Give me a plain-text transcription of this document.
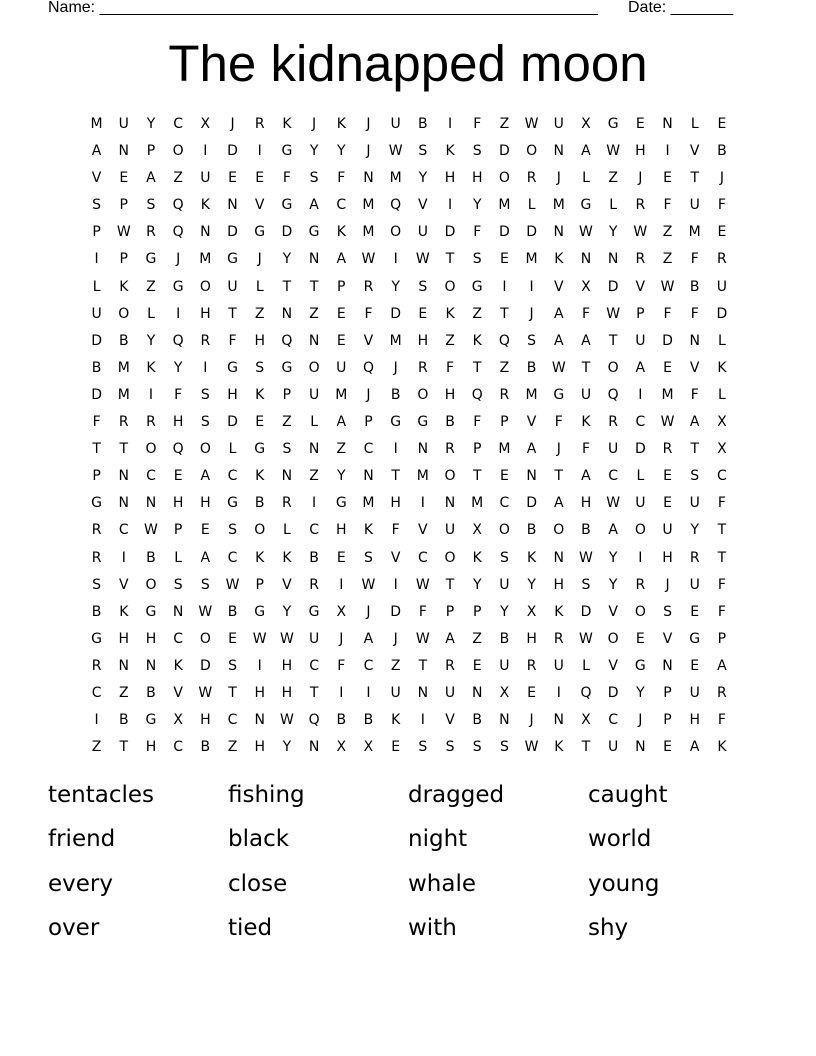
Name: ________________________________________________________ Date: _______
The kidnapped moon
M	U	Y	C	X	J	R	K	J	K	J	U	B	I	F	Z	W	U	X	G	E	N	L	E
A	N	P	O	I	D	I	G	Y	Y	J	W	S	K	S	D	O	N	A	W	H	I	V	B
V	E	A	Z	U	E	E	F	S	F	N	M	Y	H	H	O	R	J	L	Z	J	E	T	J
S	P	S	Q	K	N	V	G	A	C	M	Q	V	I	Y	M	L	M	G	L	R	F	U	F
P	W	R	Q	N	D	G	D	G	K	M	O	U	D	F	D	D	N	W	Y	W	Z	M	E
I	P	G	J	M	G	J	Y	N	A	W	I	W	T	S	E	M	K	N	N	R	Z	F	R
L	K	Z	G	O	U	L	T	T	P	R	Y	S	O	G	I	I	V	X	D	V	W	B	U
U	O	L	I	H	T	Z	N	Z	E	F	D	E	K	Z	T	J	A	F	W	P	F	F	D
D	B	Y	Q	R	F	H	Q	N	E	V	M	H	Z	K	Q	S	A	A	T	U	D	N	L
B	M	K	Y	I	G	S	G	O	U	Q	J	R	F	T	Z	B	W	T	O	A	E	V	K
D	M	I	F	S	H	K	P	U	M	J	B	O	H	Q	R	M	G	U	Q	I	M	F	L
F	R	R	H	S	D	E	Z	L	A	P	G	G	B	F	P	V	F	K	R	C	W	A	X
T	T	O	Q	O	L	G	S	N	Z	C	I	N	R	P	M	A	J	F	U	D	R	T	X
P	N	C	E	A	C	K	N	Z	Y	N	T	M	O	T	E	N	T	A	C	L	E	S	C
G	N	N	H	H	G	B	R	I	G	M	H	I	N	M	C	D	A	H	W	U	E	U	F
R	C	W	P	E	S	O	L	C	H	K	F	V	U	X	O	B	O	B	A	O	U	Y	T
R	I	B	L	A	C	K	K	B	E	S	V	C	O	K	S	K	N	W	Y	I	H	R	T
S	V	O	S	S	W	P	V	R	I	W	I	W	T	Y	U	Y	H	S	Y	R	J	U	F
B	K	G	N	W	B	G	Y	G	X	J	D	F	P	P	Y	X	K	D	V	O	S	E	F
G	H	H	C	O	E	W W	U	J	A	J	W	A	Z	B	H	R	W	O	E	V	G	P
R	N	N	K	D	S	I	H	C	F	C	Z	T	R	E	U	R	U	L	V	G	N	E	A
C	Z	B	V	W	T	H	H	T	I	I	U	N	U	N	X	E	I	Q	D	Y	P	U	R
I	B	G	X	H	C	N	W	Q	B	B	K	I	V	B	N	J	N	X	C	J	P	H	F
Z	T	H	C	B	Z	H	Y	N	X	X	E	S	S	S	S	W	K	T	U	N	E	A	K
tentacles	fishing	dragged	caught
friend	black	night	world
every	close	whale	young
over	tied	with	shy
